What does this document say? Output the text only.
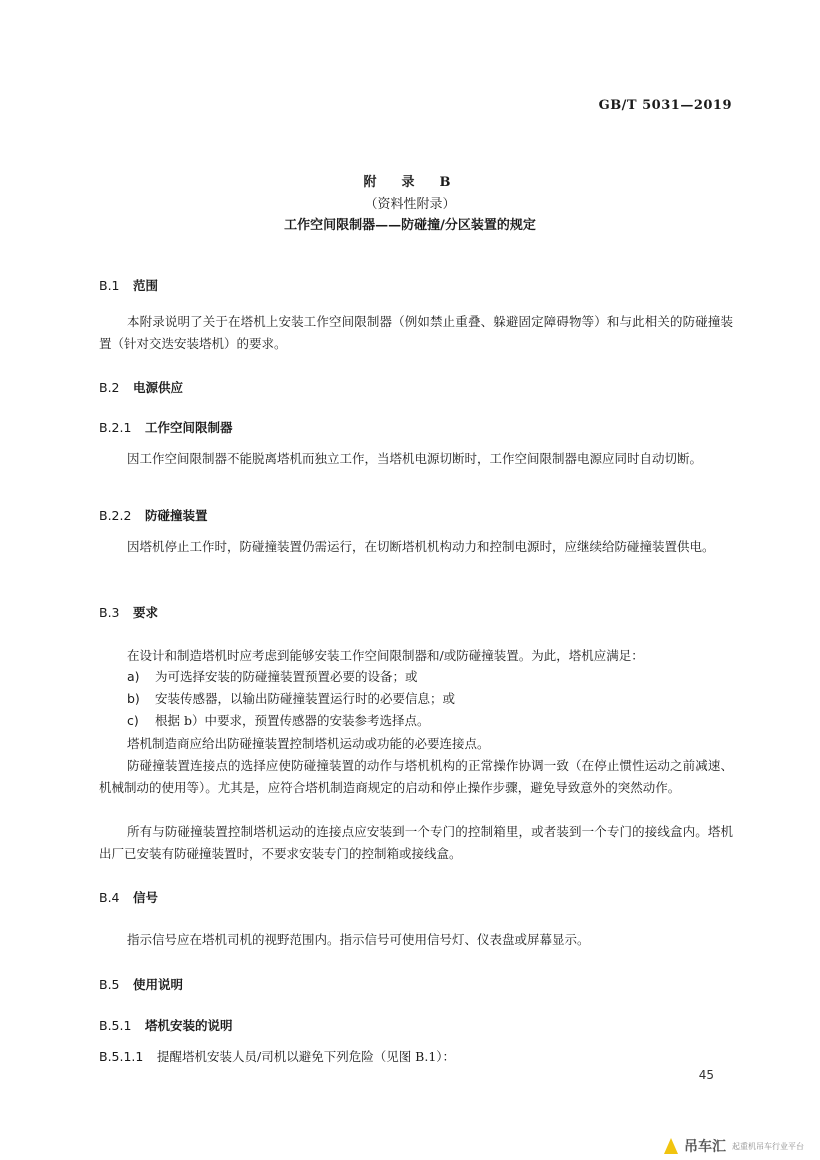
GB/T 5031—2019
附　录　B
（资料性附录）
工作空间限制器——防碰撞/分区装置的规定
B.1 范围
本附录说明了关于在塔机上安装工作空间限制器（例如禁止重叠、躲避固定障碍物等）和与此相关的防碰撞装置（针对交迭安装塔机）的要求。
B.2 电源供应
B.2.1 工作空间限制器
因工作空间限制器不能脱离塔机而独立工作，当塔机电源切断时，工作空间限制器电源应同时自动切断。
B.2.2 防碰撞装置
因塔机停止工作时，防碰撞装置仍需运行，在切断塔机机构动力和控制电源时，应继续给防碰撞装置供电。
B.3 要求
在设计和制造塔机时应考虑到能够安装工作空间限制器和/或防碰撞装置。为此，塔机应满足：
a) 为可选择安装的防碰撞装置预置必要的设备；或
b) 安装传感器，以输出防碰撞装置运行时的必要信息；或
c) 根据 b）中要求，预置传感器的安装参考选择点。
塔机制造商应给出防碰撞装置控制塔机运动或功能的必要连接点。
防碰撞装置连接点的选择应使防碰撞装置的动作与塔机机构的正常操作协调一致（在停止惯性运动之前减速、机械制动的使用等）。尤其是，应符合塔机制造商规定的启动和停止操作步骤，避免导致意外的突然动作。
所有与防碰撞装置控制塔机运动的连接点应安装到一个专门的控制箱里，或者装到一个专门的接线盒内。塔机出厂已安装有防碰撞装置时，不要求安装专门的控制箱或接线盒。
B.4 信号
指示信号应在塔机司机的视野范围内。指示信号可使用信号灯、仪表盘或屏幕显示。
B.5 使用说明
B.5.1 塔机安装的说明
B.5.1.1 提醒塔机安装人员/司机以避免下列危险（见图 B.1）：
45
吊车汇 起重机吊车行业平台
